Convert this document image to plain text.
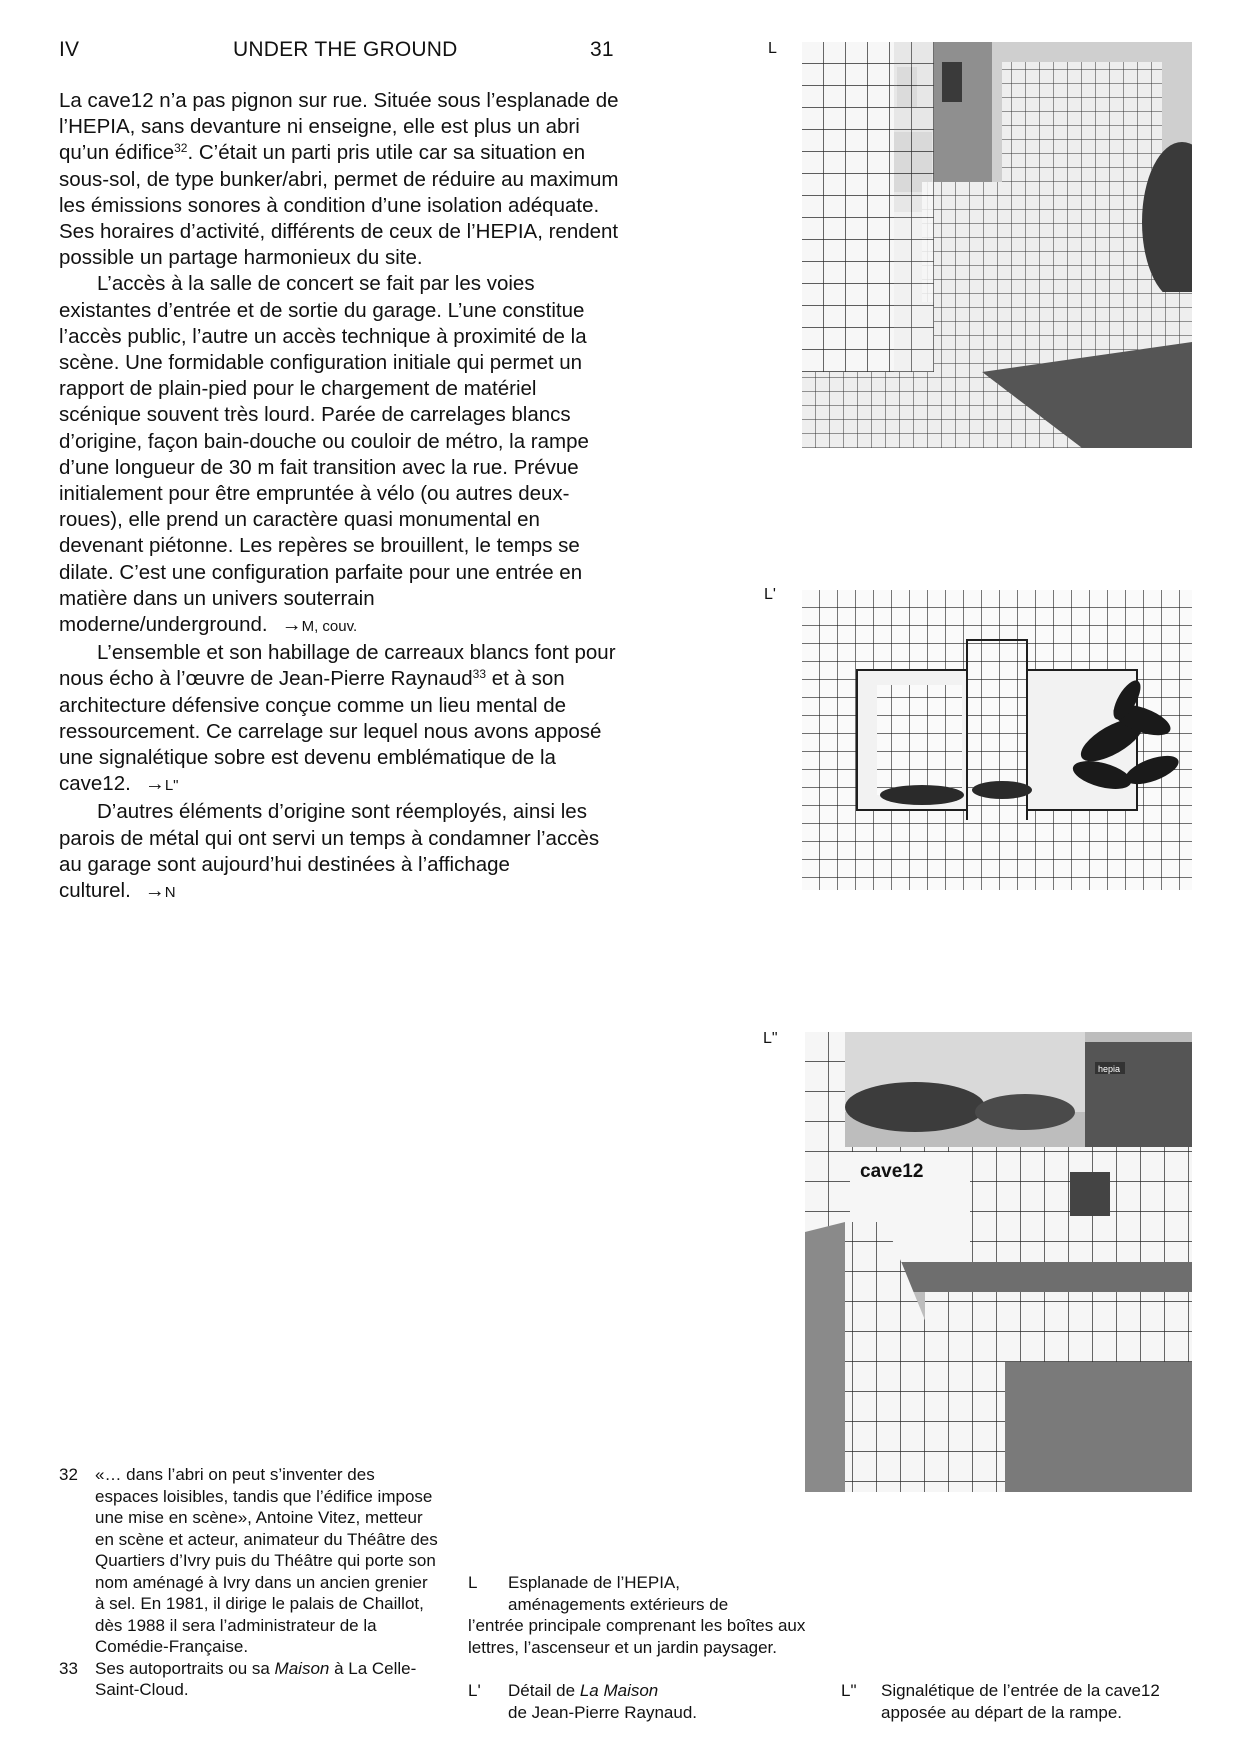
IV	UNDER THE GROUND	31

La cave12 n’a pas pignon sur rue. Située sous l’esplanade de l’HEPIA, sans devanture ni enseigne, elle est plus un abri qu’un édifice$^{32}$. C’était un parti pris utile car sa situation en sous-sol, de type bunker/abri, permet de réduire au maximum les émissions sonores à condition d’une isolation adéquate. Ses horaires d’activité, différents de ceux de l’HEPIA, rendent possible un partage harmonieux du site.

L’accès à la salle de concert se fait par les voies existantes d’entrée et de sortie du garage. L’une constitue l’accès public, l’autre un accès technique à proximité de la scène. Une formidable configuration initiale qui permet un rapport de plain-pied pour le chargement de matériel scénique souvent très lourd. Parée de carrelages blancs d’origine, façon bain-douche ou couloir de métro, la rampe d’une longueur de 30 m fait transition avec la rue. Prévue initialement pour être empruntée à vélo (ou autres deux-roues), elle prend un caractère quasi monumental en devenant piétonne. Les repères se brouillent, le temps se dilate. C’est une configuration parfaite pour une entrée en matière dans un univers souterrain moderne/underground. →M, couv.

L’ensemble et son habillage de carreaux blancs font pour nous écho à l’œuvre de Jean-Pierre Raynaud$^{33}$ et à son architecture défensive conçue comme un lieu mental de ressourcement. Ce carrelage sur lequel nous avons apposé une signalétique sobre est devenu emblématique de la cave12. →L"

D’autres éléments d’origine sont réemployés, ainsi les parois de métal qui ont servi un temps à condamner l’accès au garage sont aujourd’hui destinées à l’affichage culturel. →N

L
L'
L"
hepia
cave12
32	«… dans l’abri on peut s’inventer des espaces loisibles, tandis que l’édifice impose une mise en scène», Antoine Vitez, metteur en scène et acteur, animateur du Théâtre des Quartiers d’Ivry puis du Théâtre qui porte son nom aménagé à Ivry dans un ancien grenier à sel. En 1981, il dirige le palais de Chaillot, dès 1988 il sera l’administrateur de la Comédie-Française.
33	Ses autoportraits ou sa Maison à La Celle-Saint-Cloud.
L Esplanade de l’HEPIA,
aménagements extérieurs de
l’entrée principale comprenant les boîtes aux lettres, l’ascenseur et un jardin paysager.
L' Détail de La Maison
de Jean-Pierre Raynaud.
L" Signalétique de l’entrée de la cave12
apposée au départ de la rampe.
